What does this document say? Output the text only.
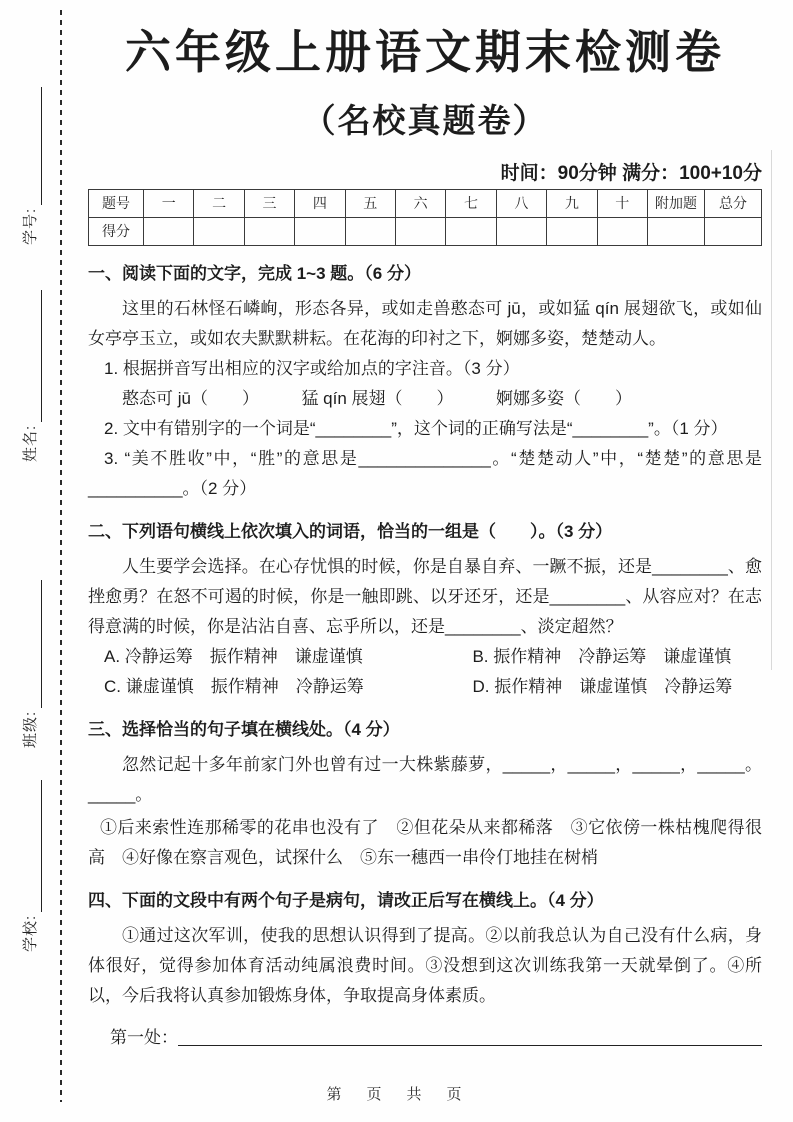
学号:
姓名:
班级:
学校:
六年级上册语文期末检测卷
（名校真题卷）
时间：90分钟 满分：100+10分
题号	一	二	三	四	五	六	七	八	九	十	附加题	总分
得分												
一、阅读下面的文字，完成 1~3 题。（6 分）
这里的石林怪石嶙峋，形态各异，或如走兽憨态可 jū，或如猛 qín 展翅欲飞，或如仙女亭亭玉立，或如农夫默默耕耘。在花海的印衬之下，婀娜多姿，楚楚动人。
1. 根据拼音写出相应的汉字或给加点的字注音。（3 分）
憨态可 jū（　　）　　　猛 qín 展翅（　　）　　　婀娜多姿（　　）
2. 文中有错别字的一个词是“________”，这个词的正确写法是“________”。（1 分）
3. “美不胜收”中，“胜”的意思是______________。“楚楚动人”中，“楚楚”的意思是__________。（2 分）
二、下列语句横线上依次填入的词语，恰当的一组是（　　）。（3 分）
人生要学会选择。在心存忧惧的时候，你是自暴自弃、一蹶不振，还是________、愈挫愈勇？在怒不可遏的时候，你是一触即跳、以牙还牙，还是________、从容应对？在志得意满的时候，你是沾沾自喜、忘乎所以，还是________、淡定超然？
A. 冷静运筹　振作精神　谦虚谨慎	B. 振作精神　冷静运筹　谦虚谨慎
C. 谦虚谨慎　振作精神　冷静运筹	D. 振作精神　谦虚谨慎　冷静运筹
三、选择恰当的句子填在横线处。（4 分）
忽然记起十多年前家门外也曾有过一大株紫藤萝，_____，_____，_____，_____。_____。
①后来索性连那稀零的花串也没有了　②但花朵从来都稀落　③它依傍一株枯槐爬得很高　④好像在察言观色，试探什么　⑤东一穗西一串伶仃地挂在树梢
四、下面的文段中有两个句子是病句，请改正后写在横线上。（4 分）
①通过这次军训，使我的思想认识得到了提高。②以前我总认为自己没有什么病，身体很好，觉得参加体育活动纯属浪费时间。③没想到这次训练我第一天就晕倒了。④所以，今后我将认真参加锻炼身体，争取提高身体素质。
第一处：
第　页　共　页
